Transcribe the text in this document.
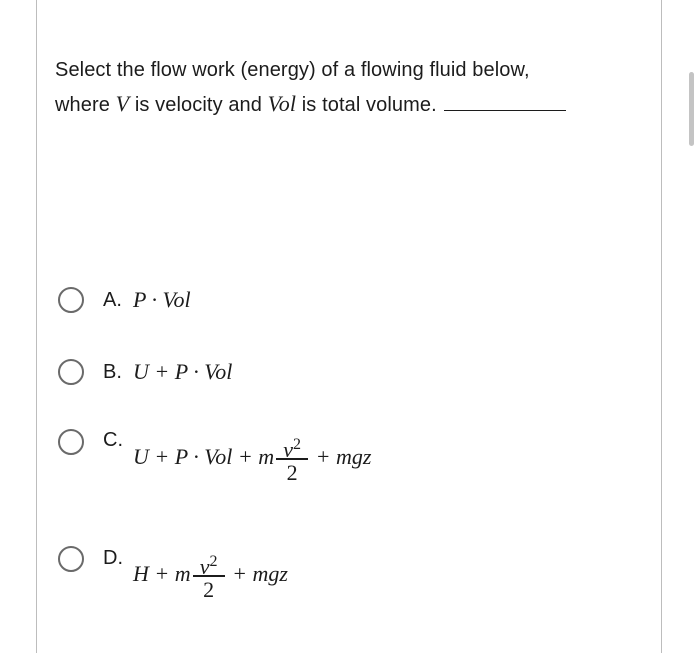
Select the flow work (energy) of a flowing fluid below,
where V is velocity and Vol is total volume.
A. P · Vol
B. U + P · Vol
C.
U + P · Vol + m $\frac{v^2}{2}$ + mgz
D.
H + m $\frac{v^2}{2}$ + mgz
